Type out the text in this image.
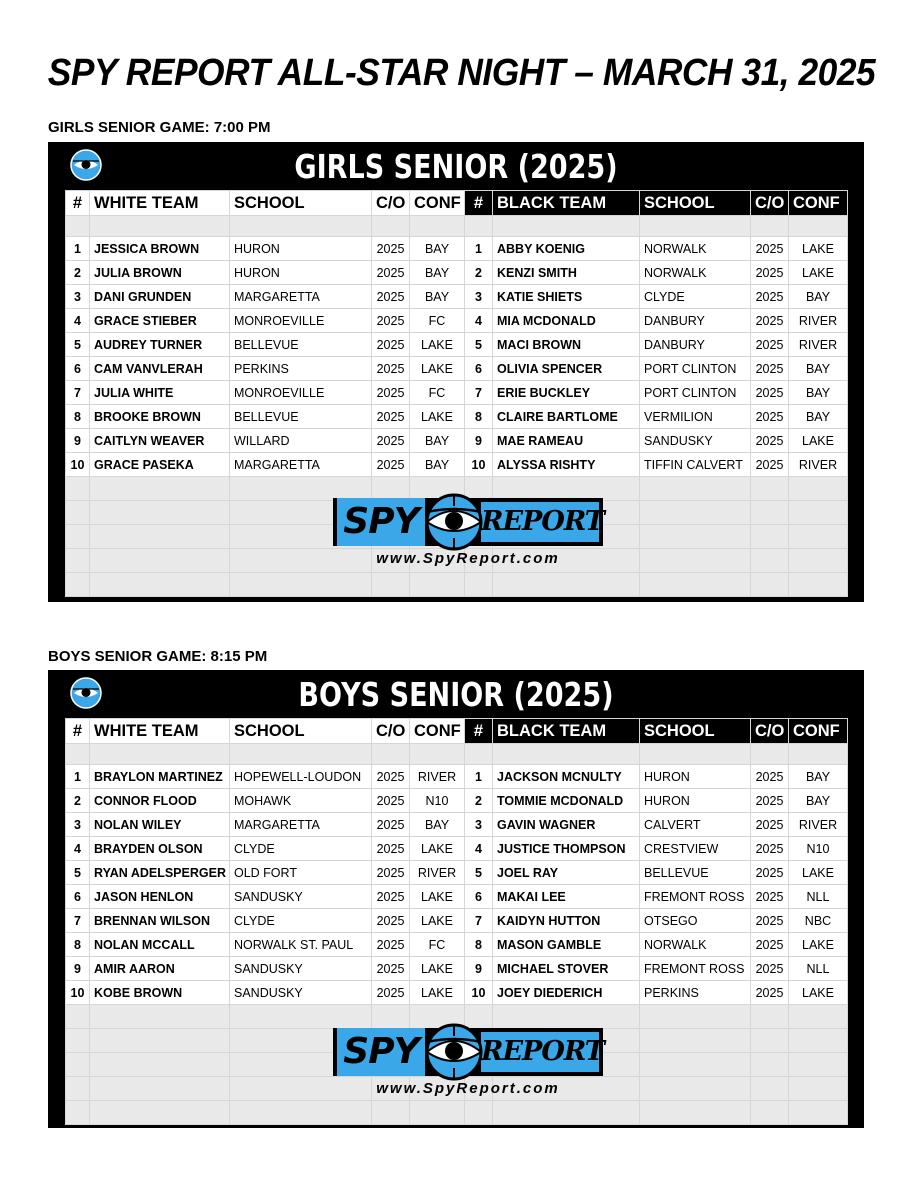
SPY REPORT ALL-STAR NIGHT – MARCH 31, 2025
GIRLS SENIOR GAME: 7:00 PM
GIRLS SENIOR (2025)
#	WHITE TEAM	SCHOOL	C/O	CONF	#	BLACK TEAM	SCHOOL	C/O	CONF

1	JESSICA BROWN	HURON	2025	BAY	1	ABBY KOENIG	NORWALK	2025	LAKE
2	JULIA BROWN	HURON	2025	BAY	2	KENZI SMITH	NORWALK	2025	LAKE
3	DANI GRUNDEN	MARGARETTA	2025	BAY	3	KATIE SHIETS	CLYDE	2025	BAY
4	GRACE STIEBER	MONROEVILLE	2025	FC	4	MIA MCDONALD	DANBURY	2025	RIVER
5	AUDREY TURNER	BELLEVUE	2025	LAKE	5	MACI BROWN	DANBURY	2025	RIVER
6	CAM VANVLERAH	PERKINS	2025	LAKE	6	OLIVIA SPENCER	PORT CLINTON	2025	BAY
7	JULIA WHITE	MONROEVILLE	2025	FC	7	ERIE BUCKLEY	PORT CLINTON	2025	BAY
8	BROOKE BROWN	BELLEVUE	2025	LAKE	8	CLAIRE BARTLOME	VERMILION	2025	BAY
9	CAITLYN WEAVER	WILLARD	2025	BAY	9	MAE RAMEAU	SANDUSKY	2025	LAKE
10	GRACE PASEKA	MARGARETTA	2025	BAY	10	ALYSSA RISHTY	TIFFIN CALVERT	2025	RIVER

SPY REPORT
www.SpyReport.com
BOYS SENIOR GAME: 8:15 PM
BOYS SENIOR (2025)
#	WHITE TEAM	SCHOOL	C/O	CONF	#	BLACK TEAM	SCHOOL	C/O	CONF

1	BRAYLON MARTINEZ	HOPEWELL-LOUDON	2025	RIVER	1	JACKSON MCNULTY	HURON	2025	BAY
2	CONNOR FLOOD	MOHAWK	2025	N10	2	TOMMIE MCDONALD	HURON	2025	BAY
3	NOLAN WILEY	MARGARETTA	2025	BAY	3	GAVIN WAGNER	CALVERT	2025	RIVER
4	BRAYDEN OLSON	CLYDE	2025	LAKE	4	JUSTICE THOMPSON	CRESTVIEW	2025	N10
5	RYAN ADELSPERGER	OLD FORT	2025	RIVER	5	JOEL RAY	BELLEVUE	2025	LAKE
6	JASON HENLON	SANDUSKY	2025	LAKE	6	MAKAI LEE	FREMONT ROSS	2025	NLL
7	BRENNAN WILSON	CLYDE	2025	LAKE	7	KAIDYN HUTTON	OTSEGO	2025	NBC
8	NOLAN MCCALL	NORWALK ST. PAUL	2025	FC	8	MASON GAMBLE	NORWALK	2025	LAKE
9	AMIR AARON	SANDUSKY	2025	LAKE	9	MICHAEL STOVER	FREMONT ROSS	2025	NLL
10	KOBE BROWN	SANDUSKY	2025	LAKE	10	JOEY DIEDERICH	PERKINS	2025	LAKE

SPY REPORT
www.SpyReport.com
